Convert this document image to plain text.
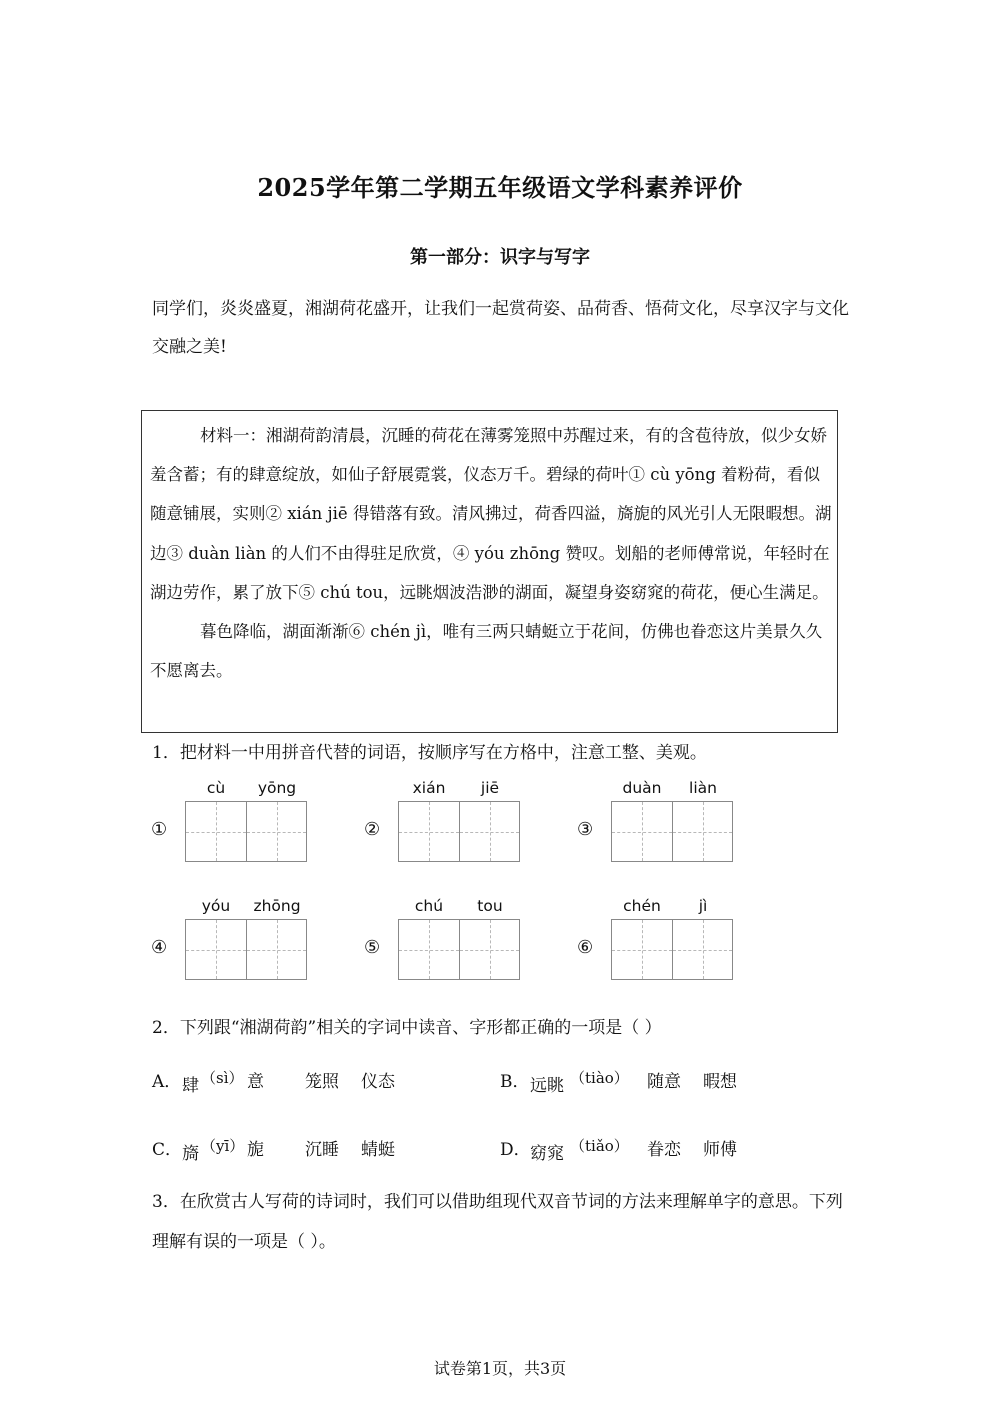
2025学年第二学期五年级语文学科素养评价
第一部分：识字与写字
同学们，炎炎盛夏，湘湖荷花盛开，让我们一起赏荷姿、品荷香、悟荷文化，尽享汉字与文化交融之美!
材料一：湘湖荷韵清晨，沉睡的荷花在薄雾笼照中苏醒过来，有的含苞待放，似少女娇羞含蓄；有的肆意绽放，如仙子舒展霓裳，仪态万千。碧绿的荷叶① cù yōng 着粉荷，看似随意铺展，实则② xián jiē 得错落有致。清风拂过，荷香四溢，旖旎的风光引人无限暇想。湖边③ duàn liàn 的人们不由得驻足欣赏，④ yóu zhōng 赞叹。划船的老师傅常说，年轻时在湖边劳作，累了放下⑤ chú tou，远眺烟波浩渺的湖面，凝望身姿窈窕的荷花，便心生满足。
暮色降临，湖面渐渐⑥ chén jì，唯有三两只蜻蜓立于花间，仿佛也眷恋这片美景久久不愿离去。
1．把材料一中用拼音代替的词语，按顺序写在方格中，注意工整、美观。
①
cù	yōng
②
xián	jiē
③
duàn	liàn
④
yóu	zhōng
⑤
chú	tou
⑥
chén	jì
2．下列跟“湘湖荷韵”相关的字词中读音、字形都正确的一项是（ ）
A． 肆 （sì） 意 笼照 仪态	B． 远眺 （tiào） 随意 暇想
C． 旖 （yī） 旎 沉睡 蜻蜓	D． 窈窕 （tiǎo） 眷恋 师傅
3．在欣赏古人写荷的诗词时，我们可以借助组现代双音节词的方法来理解单字的意思。下列理解有误的一项是（ ）。
试卷第1页，共3页
